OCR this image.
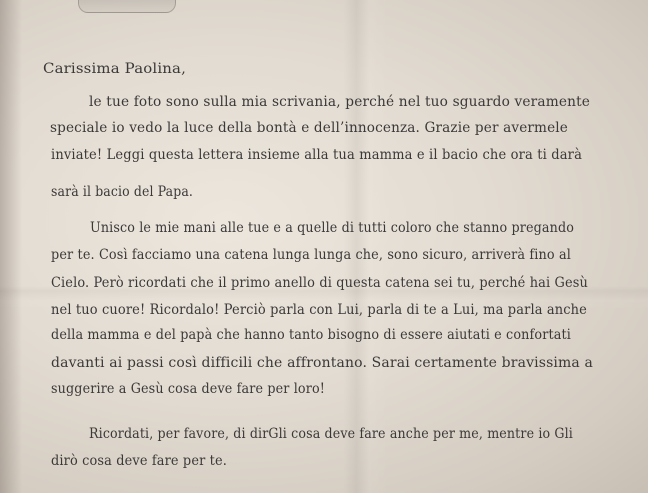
Carissima Paolina,
le tue foto sono sulla mia scrivania, perché nel tuo sguardo veramente
speciale io vedo la luce della bontà e dell’innocenza. Grazie per avermele
inviate! Leggi questa lettera insieme alla tua mamma e il bacio che ora ti darà
sarà il bacio del Papa.
Unisco le mie mani alle tue e a quelle di tutti coloro che stanno pregando
per te. Così facciamo una catena lunga lunga che, sono sicuro, arriverà fino al
Cielo. Però ricordati che il primo anello di questa catena sei tu, perché hai Gesù
nel tuo cuore! Ricordalo! Perciò parla con Lui, parla di te a Lui, ma parla anche
della mamma e del papà che hanno tanto bisogno di essere aiutati e confortati
davanti ai passi così difficili che affrontano. Sarai certamente bravissima a
suggerire a Gesù cosa deve fare per loro!
Ricordati, per favore, di dirGli cosa deve fare anche per me, mentre io Gli
dirò cosa deve fare per te.
